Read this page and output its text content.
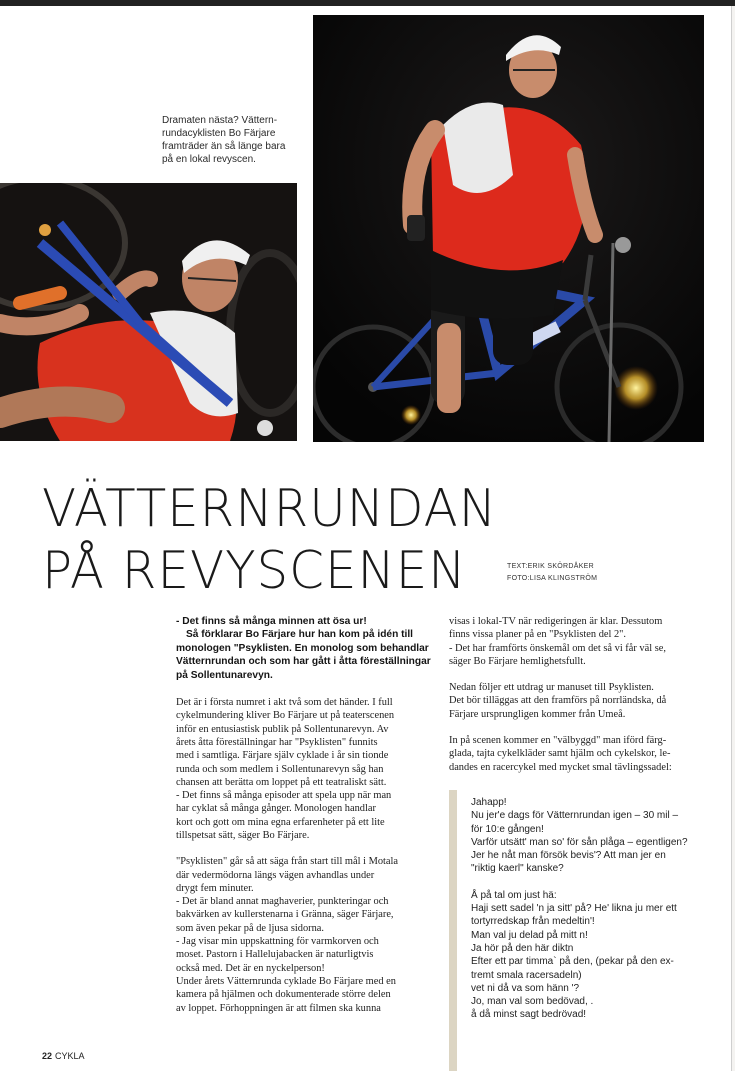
Dramaten nästa? Vättern-
rundacyklisten Bo Färjare
framträder än så länge bara
på en lokal revyscen.
VÄTTERNRUNDAN
PÅ REVYSCENEN	TEXT:ERIK SKÖRDÅKER
FOTO:LISA KLINGSTRÖM

- Det finns så många minnen att ösa ur!
Så förklarar Bo Färjare hur han kom på idén till
monologen "Psyklisten. En monolog som behandlar
Vätternrundan och som har gått i åtta föreställningar
på Sollentunarevyn.

Det är i första numret i akt två som det händer. I full
cykelmundering kliver Bo Färjare ut på teaterscenen
inför en entusiastisk publik på Sollentunarevyn. Av
årets åtta föreställningar har "Psyklisten" funnits
med i samtliga. Färjare själv cyklade i år sin tionde
runda och som medlem i Sollentunarevyn såg han
chansen att berätta om loppet på ett teatraliskt sätt.
- Det finns så många episoder att spela upp när man
har cyklat så många gånger. Monologen handlar
kort och gott om mina egna erfarenheter på ett lite
tillspetsat sätt, säger Bo Färjare.

"Psyklisten" går så att säga från start till mål i Motala
där vedermödorna längs vägen avhandlas under
drygt fem minuter.
- Det är bland annat maghaverier, punkteringar och
bakvärken av kullerstenarna i Gränna, säger Färjare,
som även pekar på de ljusa sidorna.
- Jag visar min uppskattning för varmkorven och
moset. Pastorn i Hallelujabacken är naturligtvis
också med. Det är en nyckelperson!
Under årets Vätternrunda cyklade Bo Färjare med en
kamera på hjälmen och dokumenterade större delen
av loppet. Förhoppningen är att filmen ska kunna

visas i lokal-TV när redigeringen är klar. Dessutom
finns vissa planer på en "Psyklisten del 2".
- Det har framförts önskemål om det så vi får väl se,
säger Bo Färjare hemlighetsfullt.

Nedan följer ett utdrag ur manuset till Psyklisten.
Det bör tilläggas att den framförs på norrländska, då
Färjare ursprungligen kommer från Umeå.

In på scenen kommer en "välbyggd" man iförd färg-
glada, tajta cykelkläder samt hjälm och cykelskor, le-
dandes en racercykel med mycket smal tävlingssadel:

Jahapp!
Nu jer'e dags för Vätternrundan igen – 30 mil –
för 10:e gången!
Varför utsätt' man so' för sån plåga – egentligen?
Jer he nåt man försök bevis'? Att man jer en
"riktig kaerl" kanske?

Å på tal om just hä:
Haji sett sadel 'n ja sitt' på? He' likna ju mer ett
tortyrredskap från medeltin'!
Man val ju delad på mitt n!
Ja hör på den här diktn
Efter ett par timma` på den, (pekar på den ex-
tremt smala racersadeln)
vet ni då va som hänn '?
Jo, man val som bedövad, .
å då minst sagt bedrövad!

22 CYKLA
